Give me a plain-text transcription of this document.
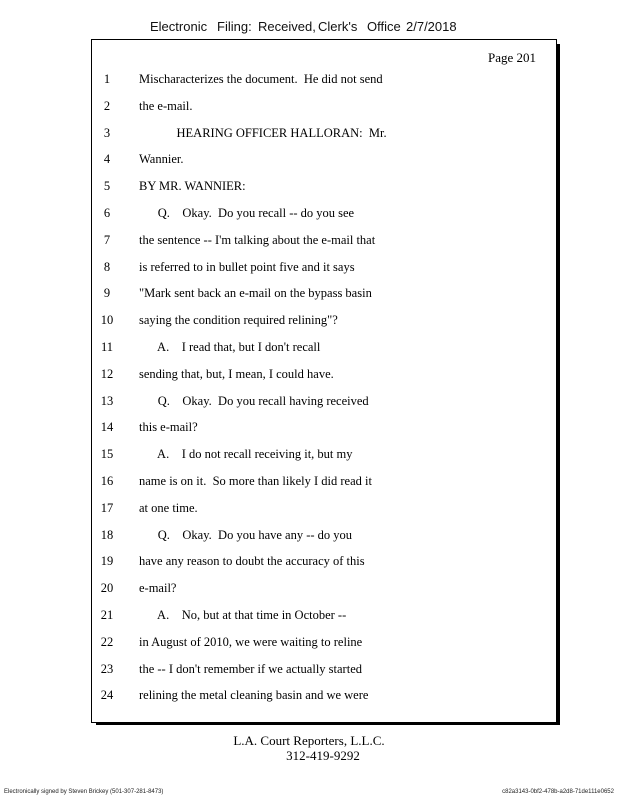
Electronic Filing: Received, Clerk's Office 2/7/2018
Page 201
1	Mischaracterizes the document.  He did not send
2	the e-mail.
3	HEARING OFFICER HALLORAN:  Mr.
4	Wannier.
5	BY MR. WANNIER:
6	Q.    Okay.  Do you recall -- do you see
7	the sentence -- I'm talking about the e-mail that
8	is referred to in bullet point five and it says
9	"Mark sent back an e-mail on the bypass basin
10	saying the condition required relining"?
11	A.    I read that, but I don't recall
12	sending that, but, I mean, I could have.
13	Q.    Okay.  Do you recall having received
14	this e-mail?
15	A.    I do not recall receiving it, but my
16	name is on it.  So more than likely I did read it
17	at one time.
18	Q.    Okay.  Do you have any -- do you
19	have any reason to doubt the accuracy of this
20	e-mail?
21	A.    No, but at that time in October --
22	in August of 2010, we were waiting to reline
23	the -- I don't remember if we actually started
24	relining the metal cleaning basin and we were
L.A. Court Reporters, L.L.C.
312-419-9292
Electronically signed by Steven Brickey (501-307-281-8473)	c82a3143-0bf2-478b-a2d8-71de111e0652
